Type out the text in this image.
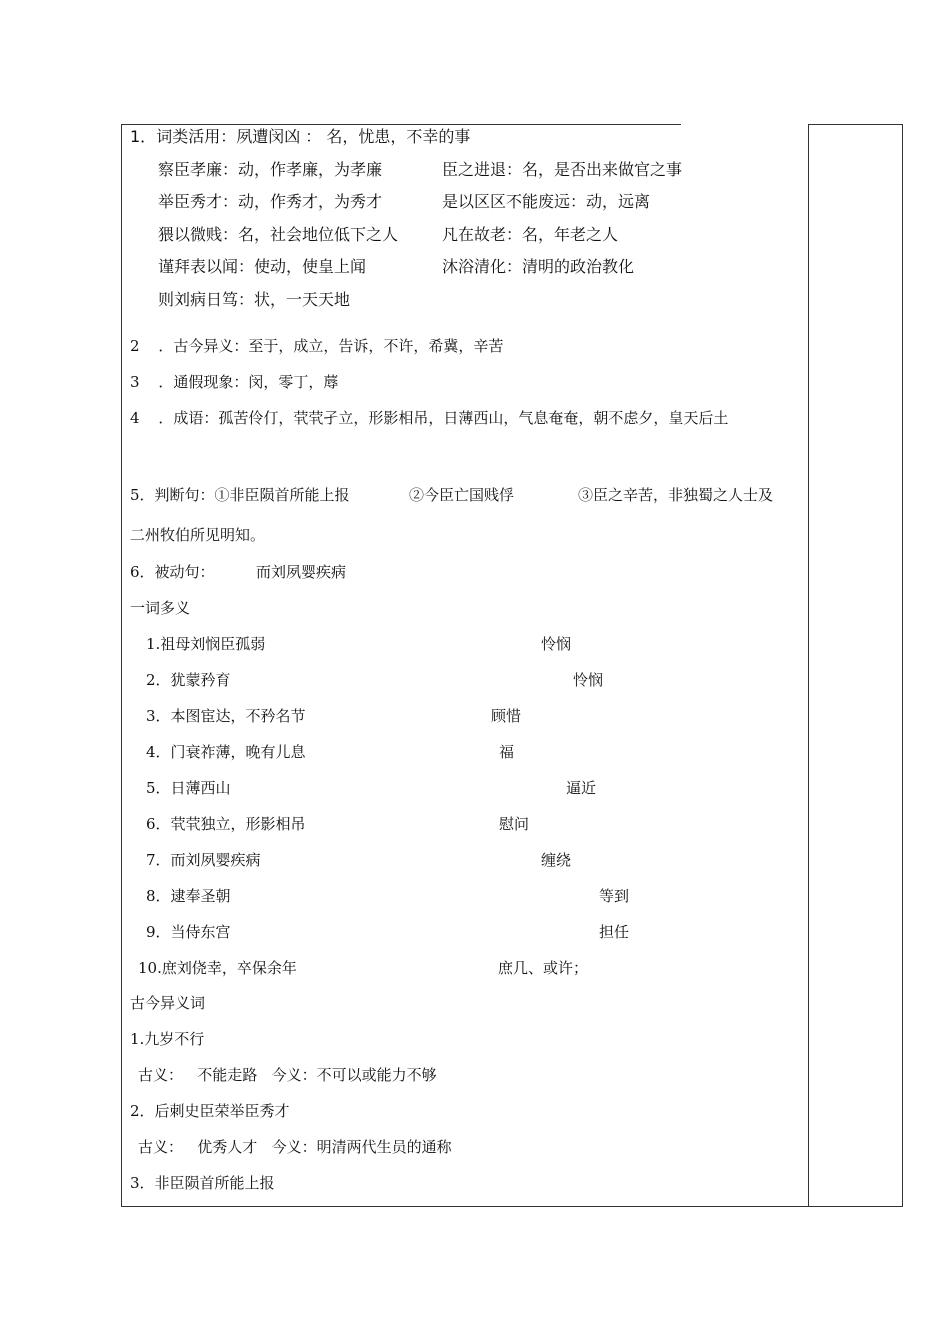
1．词类活用：夙遭闵凶 ： 名，忧患，不幸的事
察臣孝廉：动，作孝廉，为孝廉	臣之进退：名，是否出来做官之事
举臣秀才：动，作秀才，为秀才	是以区区不能废远：动，远离
猥以微贱：名，社会地位低下之人	凡在故老：名，年老之人
谨拜表以闻：使动，使皇上闻	沐浴清化：清明的政治教化
则刘病日笃：状，一天天地
2 ．古今异义：至于，成立，告诉，不许，希冀，辛苦
3 ．通假现象：闵，零丁，蓐
4 ．成语：孤苦伶仃，茕茕孑立，形影相吊，日薄西山，气息奄奄，朝不虑夕，皇天后土
5．判断句：①非臣陨首所能上报	②今臣亡国贱俘	③臣之辛苦，非独蜀之人士及
二州牧伯所见明知。
6．被动句：	而刘夙婴疾病
一词多义
1.祖母刘悯臣孤弱	怜悯
2．犹蒙矜育	怜悯
3．本图宦达，不矜名节	顾惜
4．门衰祚薄，晚有儿息	福
5．日薄西山	逼近
6．茕茕独立，形影相吊	慰问
7．而刘夙婴疾病	缠绕
8．逮奉圣朝	等到
9．当侍东宫	担任
10.庶刘侥幸，卒保余年	庶几、或许；
古今异义词
1.九岁不行
古义：   不能走路   今义：不可以或能力不够
2．后刺史臣荣举臣秀才
古义：   优秀人才   今义：明清两代生员的通称
3．非臣陨首所能上报
